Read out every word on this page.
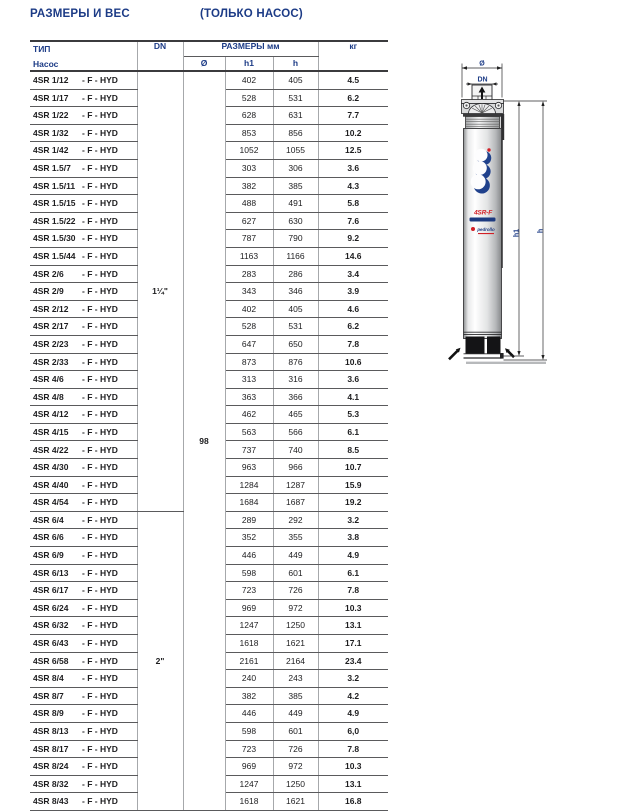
РАЗМЕРЫ И ВЕС	(ТОЛЬКО НАСОС)
ТИП
Насос	DN	РАЗМЕРЫ мм			кг
		Ø	h1	h	
4SR 1/12 - F - HYD	1¼"	98	402	405	4.5
4SR 1/17 - F - HYD			528	531	6.2
4SR 1/22 - F - HYD			628	631	7.7
4SR 1/32 - F - HYD			853	856	10.2
4SR 1/42 - F - HYD			1052	1055	12.5
4SR 1.5/7 - F - HYD			303	306	3.6
4SR 1.5/11 - F - HYD			382	385	4.3
4SR 1.5/15 - F - HYD			488	491	5.8
4SR 1.5/22 - F - HYD			627	630	7.6
4SR 1.5/30 - F - HYD			787	790	9.2
4SR 1.5/44 - F - HYD			1163	1166	14.6
4SR 2/6 - F - HYD			283	286	3.4
4SR 2/9 - F - HYD			343	346	3.9
4SR 2/12 - F - HYD			402	405	4.6
4SR 2/17 - F - HYD			528	531	6.2
4SR 2/23 - F - HYD			647	650	7.8
4SR 2/33 - F - HYD			873	876	10.6
4SR 4/6 - F - HYD			313	316	3.6
4SR 4/8 - F - HYD			363	366	4.1
4SR 4/12 - F - HYD			462	465	5.3
4SR 4/15 - F - HYD			563	566	6.1
4SR 4/22 - F - HYD			737	740	8.5
4SR 4/30 - F - HYD			963	966	10.7
4SR 4/40 - F - HYD			1284	1287	15.9
4SR 4/54 - F - HYD			1684	1687	19.2
4SR 6/4 - F - HYD	2"		289	292	3.2
4SR 6/6 - F - HYD			352	355	3.8
4SR 6/9 - F - HYD			446	449	4.9
4SR 6/13 - F - HYD			598	601	6.1
4SR 6/17 - F - HYD			723	726	7.8
4SR 6/24 - F - HYD			969	972	10.3
4SR 6/32 - F - HYD			1247	1250	13.1
4SR 6/43 - F - HYD			1618	1621	17.1
4SR 6/58 - F - HYD			2161	2164	23.4
4SR 8/4 - F - HYD			240	243	3.2
4SR 8/7 - F - HYD			382	385	4.2
4SR 8/9 - F - HYD			446	449	4.9
4SR 8/13 - F - HYD			598	601	6,0
4SR 8/17 - F - HYD			723	726	7.8
4SR 8/24 - F - HYD			969	972	10.3
4SR 8/32 - F - HYD			1247	1250	13.1
4SR 8/43 - F - HYD			1618	1621	16.8
Ø
DN
4SR-F
pedrollo	h1 h
